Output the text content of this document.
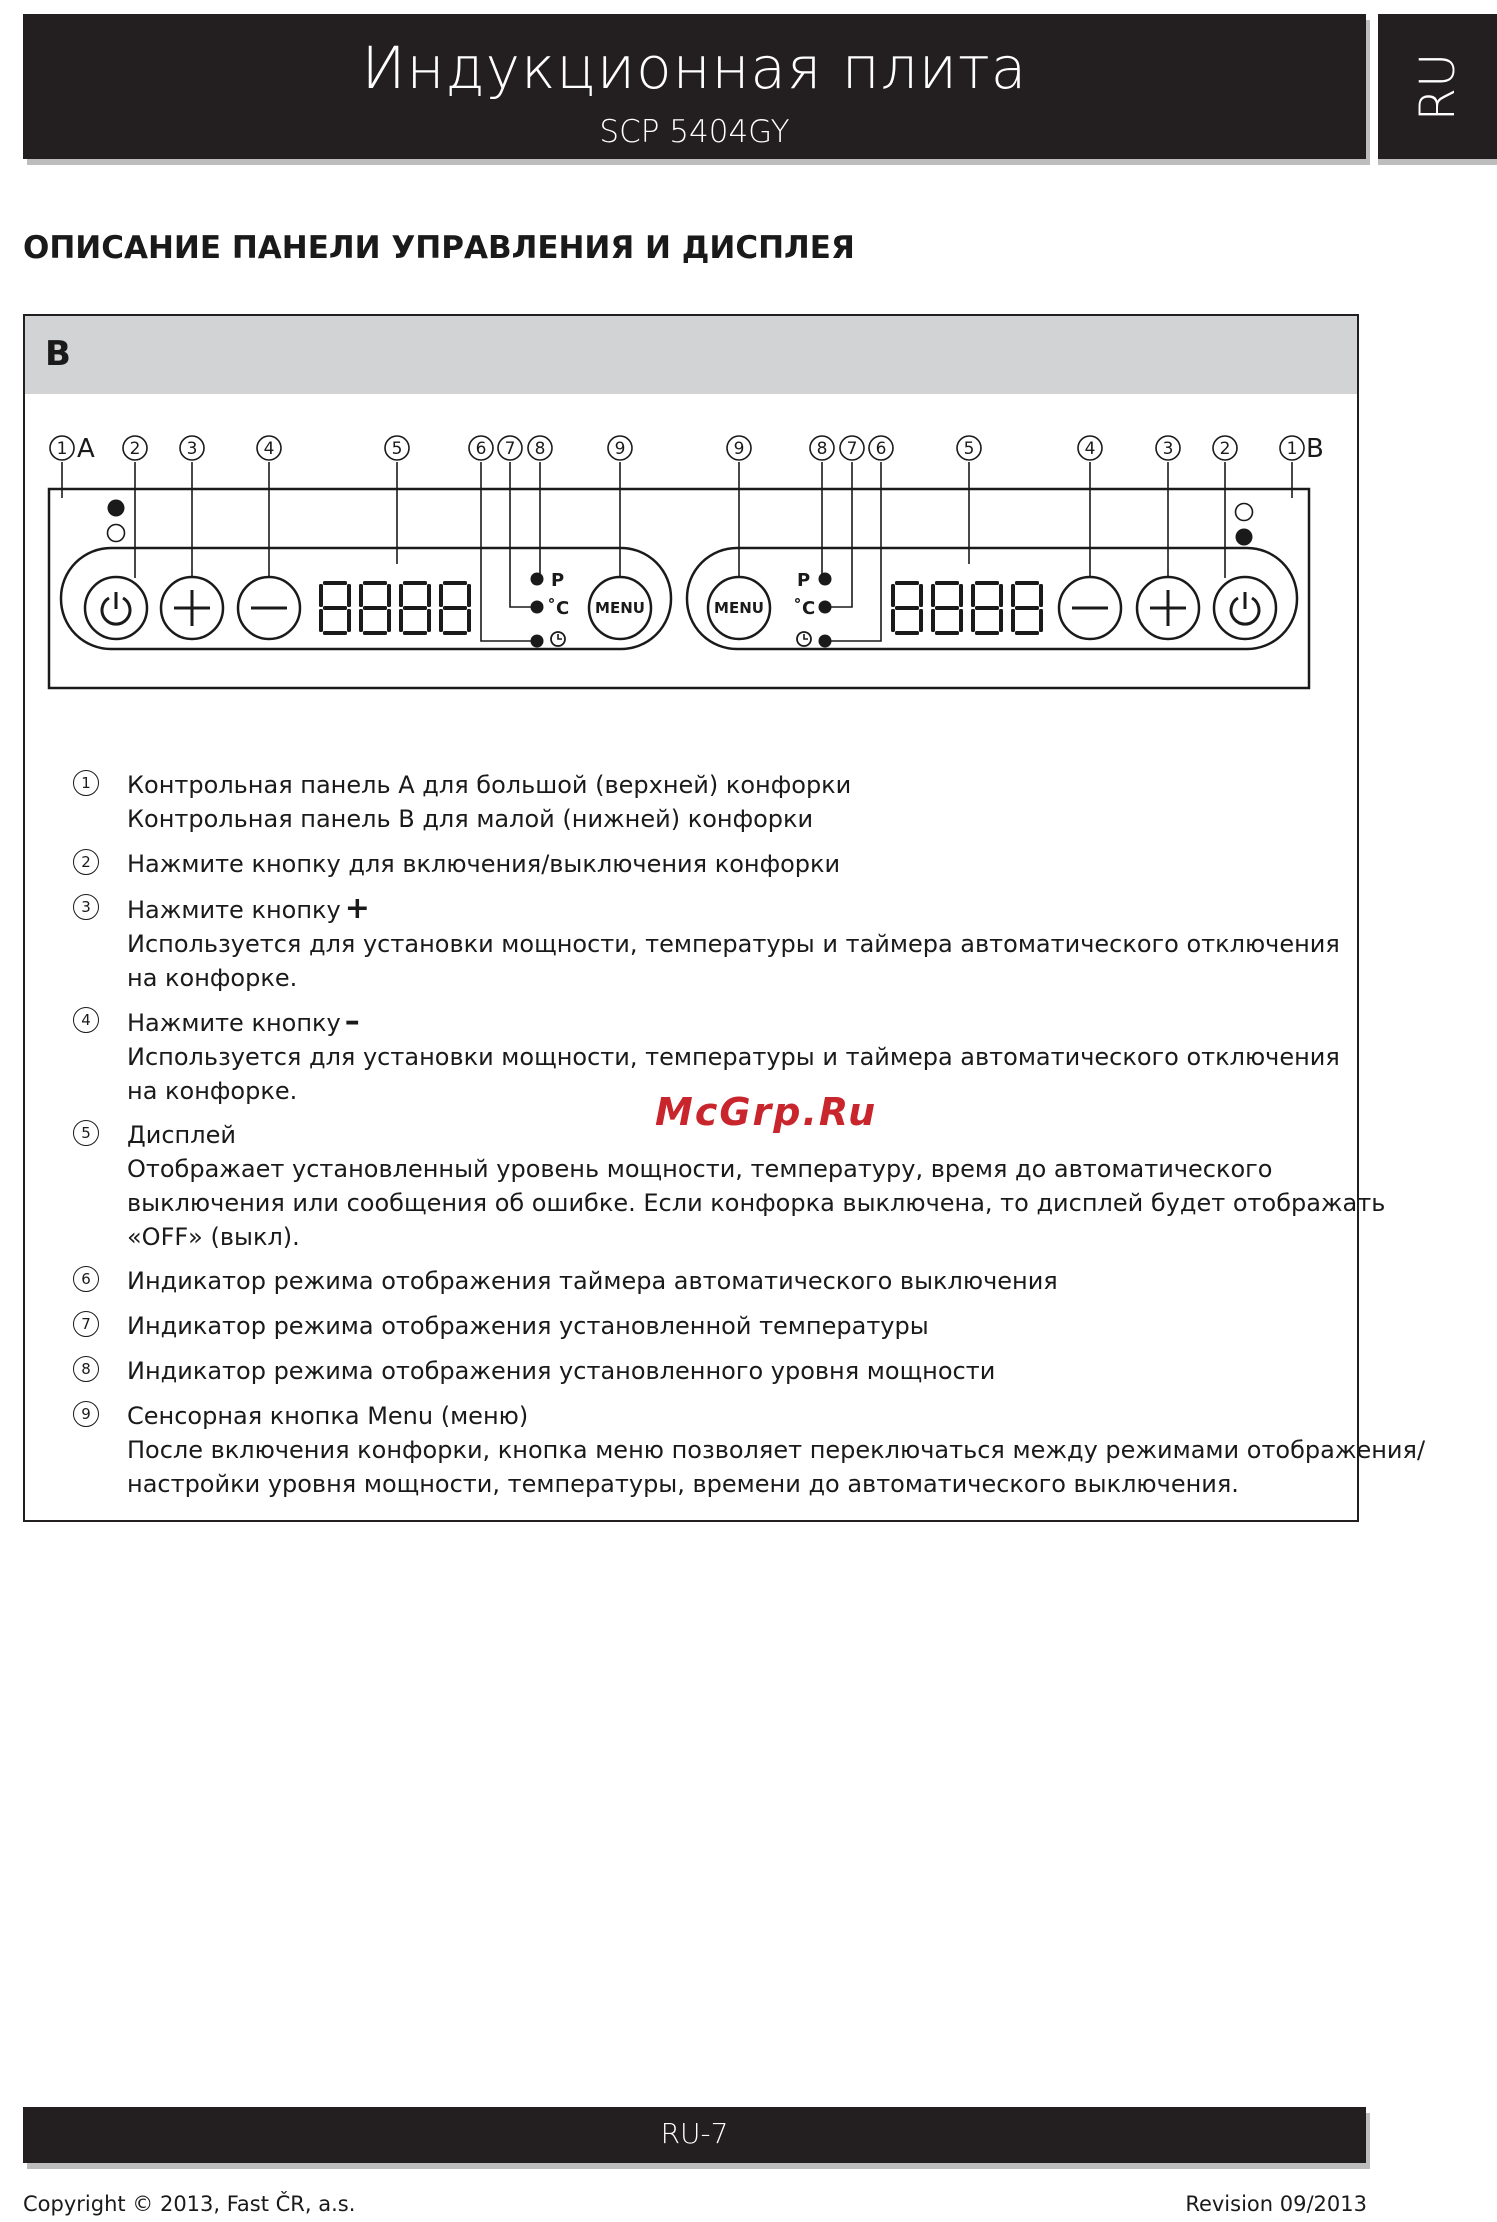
Индукционная плита
SCP 5404GY
RU
ОПИСАНИЕ ПАНЕЛИ УПРАВЛЕНИЯ И ДИСПЛЕЯ
B
1	2	3	4	5	6 7 8	9	9	8 7 6	5	4	3	2	1
A	B
P
˚C MENU	MENU
P
˚C
1	Контрольная панель A для большой (верхней) конфорки
Контрольная панель B для малой (нижней) конфорки
2	Нажмите кнопку для включения/выключения конфорки
3	Нажмите кнопку +
Используется для установки мощности, температуры и таймера автоматического отключения
на конфорке.
4	Нажмите кнопку –
Используется для установки мощности, температуры и таймера автоматического отключения
на конфорке.
5	Дисплей
Отображает установленный уровень мощности, температуру, время до автоматического
выключения или сообщения об ошибке. Если конфорка выключена, то дисплей будет отображать
«OFF» (выкл).
6	Индикатор режима отображения таймера автоматического выключения
7	Индикатор режима отображения установленной температуры
8	Индикатор режима отображения установленного уровня мощности
9	Сенсорная кнопка Menu (меню)
После включения конфорки, кнопка меню позволяет переключаться между режимами отображения/
настройки уровня мощности, температуры, времени до автоматического выключения.
McGrp.Ru
RU-7
Copyright © 2013, Fast ČR, a.s.	Revision 09/2013
